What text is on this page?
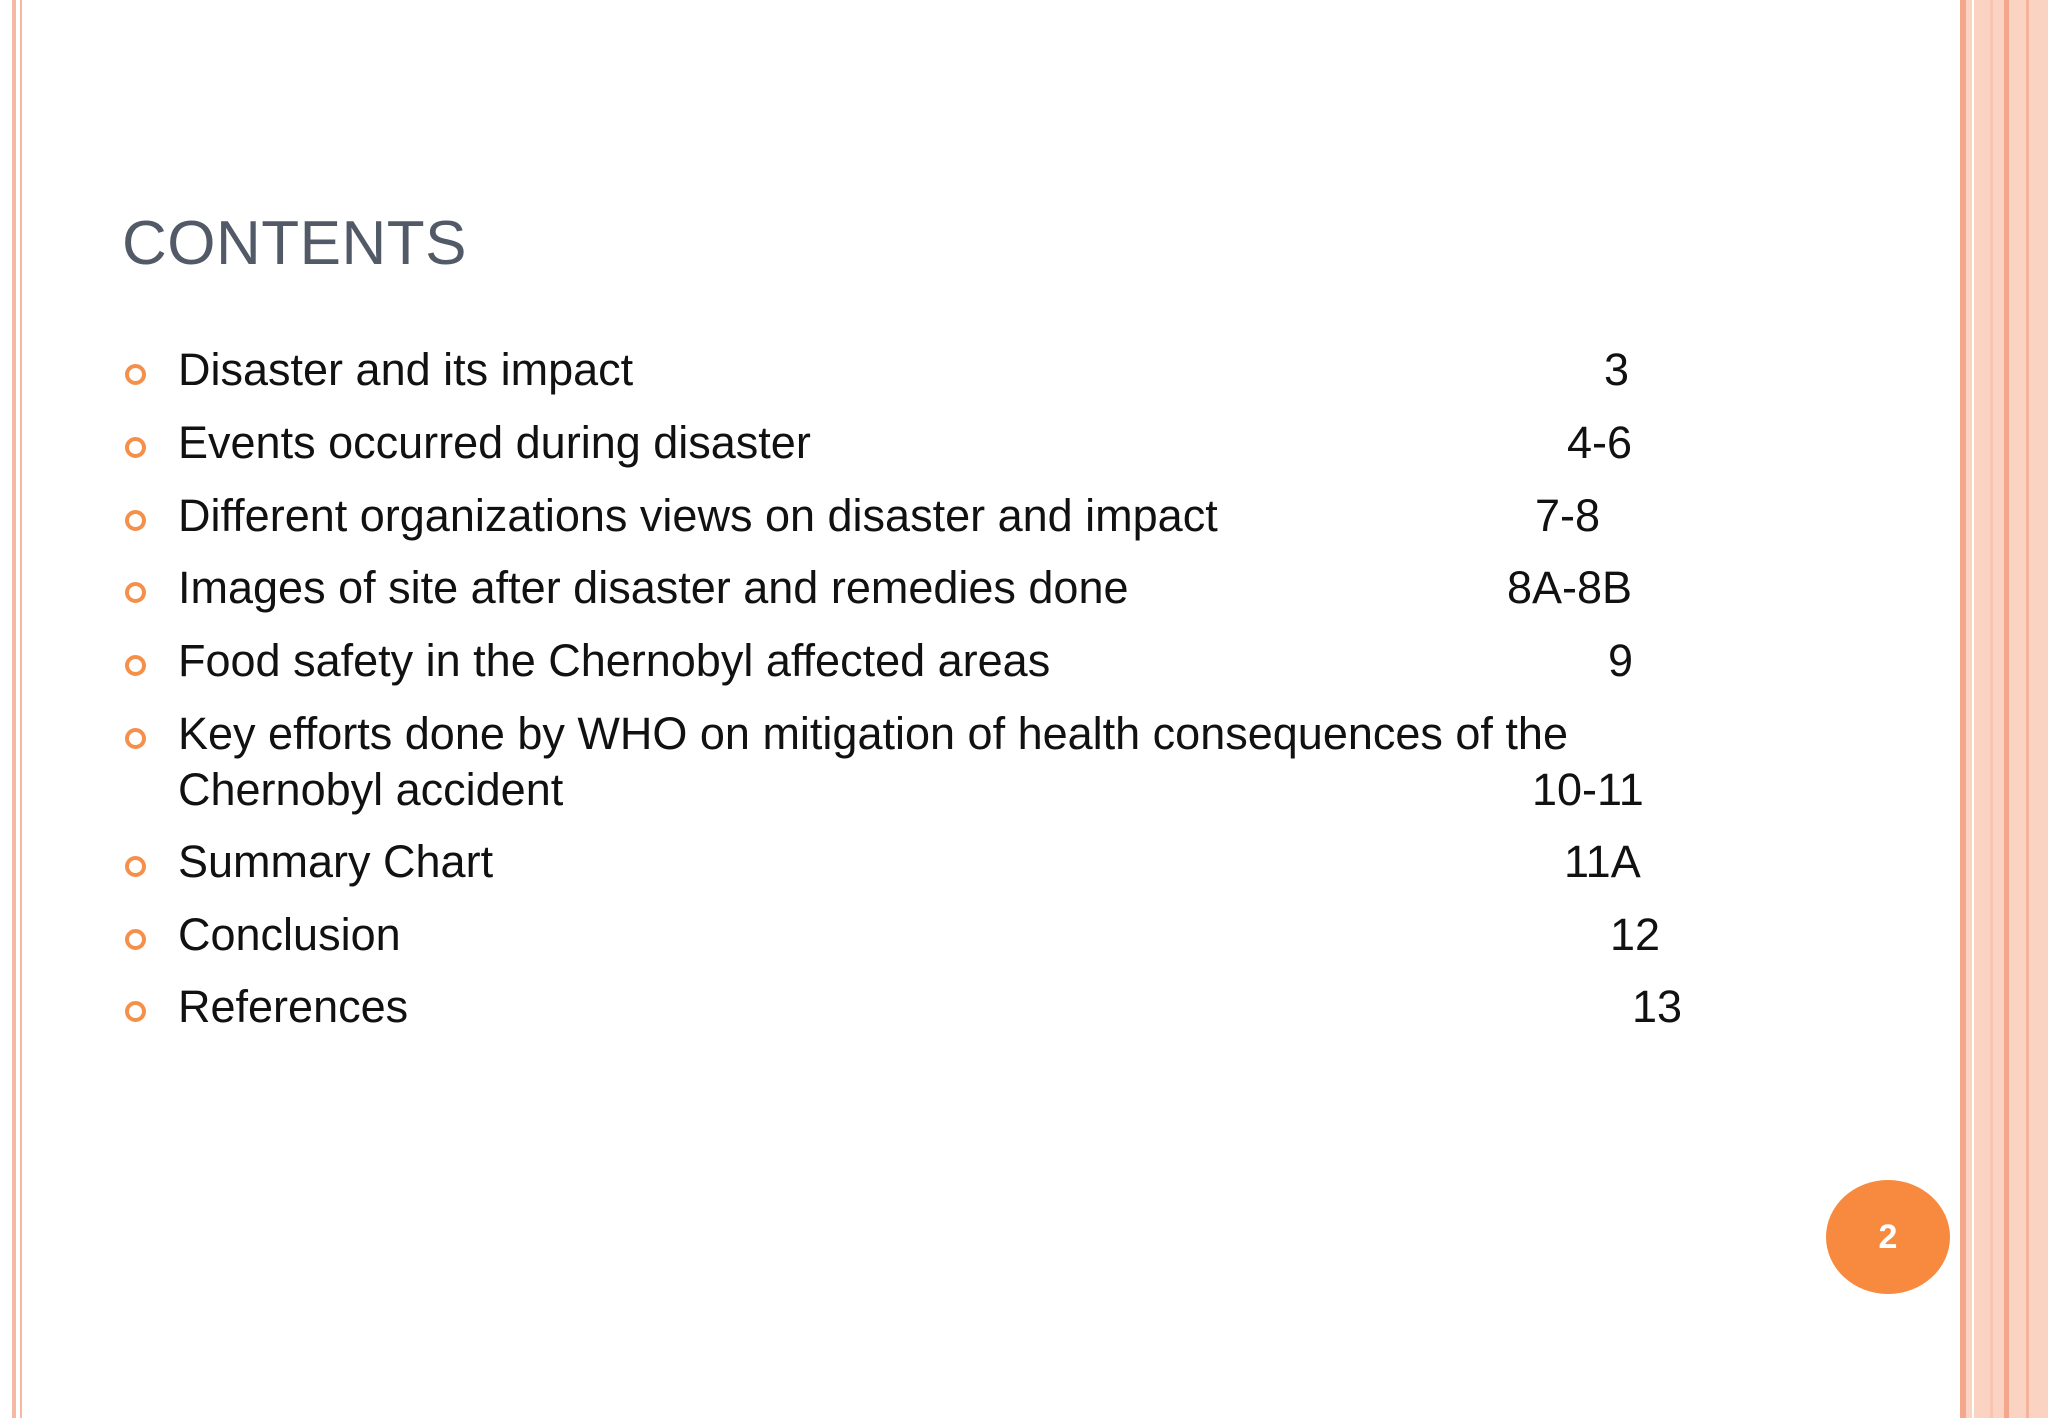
CONTENTS
Disaster and its impact	3
Events occurred during disaster	4-6
Different organizations views on disaster and impact	7-8
Images of site after disaster and remedies done	8A-8B
Food safety in the Chernobyl affected areas	9
Key efforts done by WHO on mitigation of health consequences of the
Chernobyl accident	10-11
Summary Chart	11A
Conclusion	12
References	13
2
